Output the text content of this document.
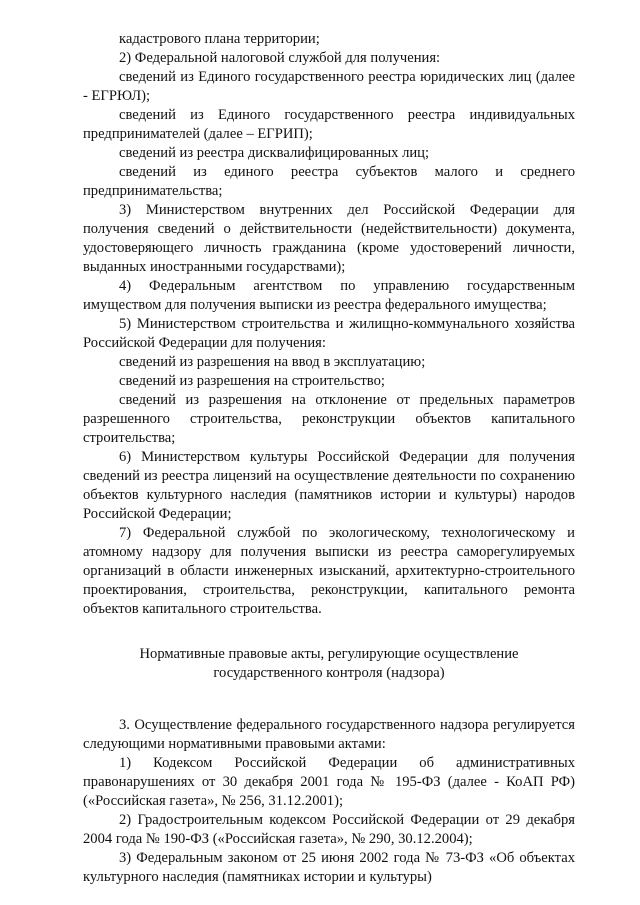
кадастрового плана территории;

2) Федеральной налоговой службой для получения:

сведений из Единого государственного реестра юридических лиц (далее - ЕГРЮЛ);

сведений из Единого государственного реестра индивидуальных предпринимателей (далее – ЕГРИП);

сведений из реестра дисквалифицированных лиц;

сведений из единого реестра субъектов малого и среднего предпринимательства;

3) Министерством внутренних дел Российской Федерации для получения сведений о действительности (недействительности) документа, удостоверяющего личность гражданина (кроме удостоверений личности, выданных иностранными государствами);

4) Федеральным агентством по управлению государственным имуществом для получения выписки из реестра федерального имущества;

5) Министерством строительства и жилищно-коммунального хозяйства Российской Федерации для получения:

сведений из разрешения на ввод в эксплуатацию;

сведений из разрешения на строительство;

сведений из разрешения на отклонение от предельных параметров разрешенного строительства, реконструкции объектов капитального строительства;

6) Министерством культуры Российской Федерации для получения сведений из реестра лицензий на осуществление деятельности по сохранению объектов культурного наследия (памятников истории и культуры) народов Российской Федерации;

7) Федеральной службой по экологическому, технологическому и атомному надзору для получения выписки из реестра саморегулируемых организаций в области инженерных изысканий, архитектурно-строительного проектирования, строительства, реконструкции, капитального ремонта объектов капитального строительства.

Нормативные правовые акты, регулирующие осуществление
государственного контроля (надзора)

3. Осуществление федерального государственного надзора регулируется следующими нормативными правовыми актами:

1) Кодексом Российской Федерации об административных правонарушениях от 30 декабря 2001 года № 195-ФЗ (далее - КоАП РФ) («Российская газета», № 256, 31.12.2001);

2) Градостроительным кодексом Российской Федерации от 29 декабря 2004 года № 190-ФЗ («Российская газета», № 290, 30.12.2004);

3) Федеральным законом от 25 июня 2002 года № 73-ФЗ «Об объектах культурного наследия (памятниках истории и культуры)
